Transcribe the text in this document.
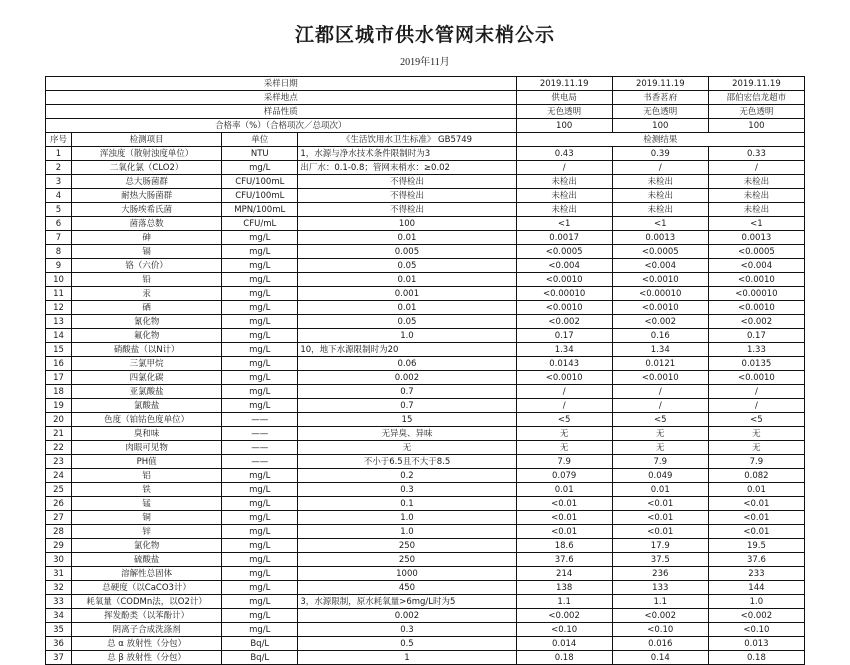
江都区城市供水管网末梢公示
2019年11月
采样日期				2019.11.19	2019.11.19	2019.11.19
采样地点				供电局	书香茗府	邵伯宏信龙超市
样品性质				无色透明	无色透明	无色透明
合格率（%）（合格项次／总项次）				100	100	100
序号	检测项目	单位	《生活饮用水卫生标准》 GB5749	检测结果		
1	浑浊度（散射浊度单位）	NTU	1，水源与净水技术条件限制时为3	0.43	0.39	0.33
2	二氧化氯（CLO2）	mg/L	出厂水：0.1-0.8；管网末梢水：≥0.02	/	/	/
3	总大肠菌群	CFU/100mL	不得检出	未检出	未检出	未检出
4	耐热大肠菌群	CFU/100mL	不得检出	未检出	未检出	未检出
5	大肠埃希氏菌	MPN/100mL	不得检出	未检出	未检出	未检出
6	菌落总数	CFU/mL	100	<1	<1	<1
7	砷	mg/L	0.01	0.0017	0.0013	0.0013
8	镉	mg/L	0.005	<0.0005	<0.0005	<0.0005
9	铬（六价）	mg/L	0.05	<0.004	<0.004	<0.004
10	铅	mg/L	0.01	<0.0010	<0.0010	<0.0010
11	汞	mg/L	0.001	<0.00010	<0.00010	<0.00010
12	硒	mg/L	0.01	<0.0010	<0.0010	<0.0010
13	氰化物	mg/L	0.05	<0.002	<0.002	<0.002
14	氟化物	mg/L	1.0	0.17	0.16	0.17
15	硝酸盐（以N计）	mg/L	10，地下水源限制时为20	1.34	1.34	1.33
16	三氯甲烷	mg/L	0.06	0.0143	0.0121	0.0135
17	四氯化碳	mg/L	0.002	<0.0010	<0.0010	<0.0010
18	亚氯酸盐	mg/L	0.7	/	/	/
19	氯酸盐	mg/L	0.7	/	/	/
20	色度（铂钴色度单位）	——	15	<5	<5	<5
21	臭和味	——	无异臭、异味	无	无	无
22	肉眼可见物	——	无	无	无	无
23	PH值	——	不小于6.5且不大于8.5	7.9	7.9	7.9
24	铝	mg/L	0.2	0.079	0.049	0.082
25	铁	mg/L	0.3	0.01	0.01	0.01
26	锰	mg/L	0.1	<0.01	<0.01	<0.01
27	铜	mg/L	1.0	<0.01	<0.01	<0.01
28	锌	mg/L	1.0	<0.01	<0.01	<0.01
29	氯化物	mg/L	250	18.6	17.9	19.5
30	硫酸盐	mg/L	250	37.6	37.5	37.6
31	溶解性总固体	mg/L	1000	214	236	233
32	总硬度（以CaCO3计）	mg/L	450	138	133	144
33	耗氧量（CODMn法，以O2计）	mg/L	3，水源限制，原水耗氧量>6mg/L时为5	1.1	1.1	1.0
34	挥发酚类（以苯酚计）	mg/L	0.002	<0.002	<0.002	<0.002
35	阴离子合成洗涤剂	mg/L	0.3	<0.10	<0.10	<0.10
36	总 α 放射性（分包）	Bq/L	0.5	0.014	0.016	0.013
37	总 β 放射性（分包）	Bq/L	1	0.18	0.14	0.18
